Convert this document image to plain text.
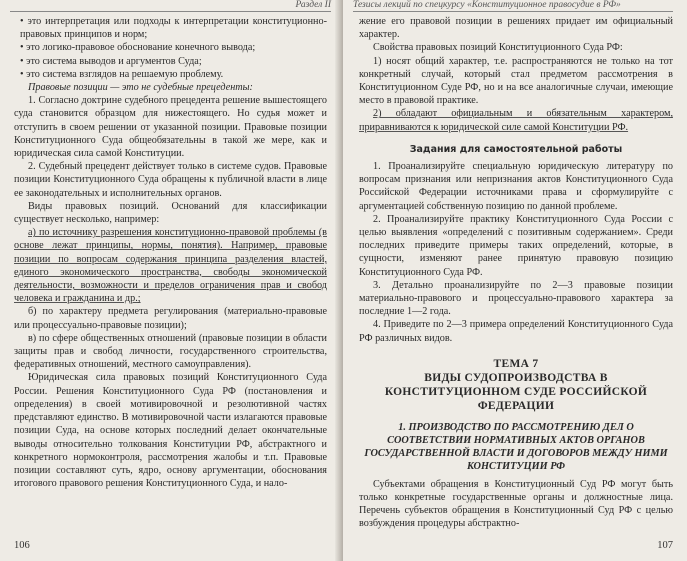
Раздел II

• это интерпретация или подходы к интерпретации конституционно-правовых принципов и норм;

• это логико-правовое обоснование конечного вывода;

• это система выводов и аргументов Суда;

• это система взглядов на решаемую проблему.

Правовые позиции — это не судебные прецеденты:

1. Согласно доктрине судебного прецедента решение вышестоящего суда становится образцом для нижестоящего. Но судья может и отступить в своем решении от указанной позиции. Правовые позиции Конституционного Суда общеобязательны в такой же мере, как и юридическая сила самой Конституции.

2. Судебный прецедент действует только в системе судов. Правовые позиции Конституционного Суда обращены к публичной власти в лице ее законодательных и исполнительных органов.

Виды правовых позиций. Оснований для классификации существует несколько, например:

а) по источнику разрешения конституционно-правовой проблемы (в основе лежат принципы, нормы, понятия). Например, правовые позиции по вопросам содержания принципа разделения властей, единого экономического пространства, свободы экономической деятельности, возможности и пределов ограничения прав и свобод человека и гражданина и др.;

б) по характеру предмета регулирования (материально-правовые или процессуально-правовые позиции);

в) по сфере общественных отношений (правовые позиции в области защиты прав и свобод личности, государственного строительства, федеративных отношений, местного самоуправления).

Юридическая сила правовых позиций Конституционного Суда России. Решения Конституционного Суда РФ (постановления и определения) в своей мотивировочной и резолютивной частях представляют единство. В мотивировочной части излагаются правовые позиции Суда, на основе которых последний делает окончательные выводы относительно толкования Конституции РФ, абстрактного и конкретного нормоконтроля, рассмотрения жалобы и т.п. Правовые позиции составляют суть, ядро, основу аргументации, обоснования итогового правового решения Конституционного Суда, и нало-

106
Тезисы лекций по спецкурсу «Конституционное правосудие в РФ»

жение его правовой позиции в решениях придает им официальный характер.

Свойства правовых позиций Конституционного Суда РФ:

1) носят общий характер, т.е. распространяются не только на тот конкретный случай, который стал предметом рассмотрения в Конституционном Суде РФ, но и на все аналогичные случаи, имеющие место в правовой практике.

2) обладают официальным и обязательным характером, приравниваются к юридической силе самой Конституции РФ.

Задания для самостоятельной работы

1. Проанализируйте специальную юридическую литературу по вопросам признания или непризнания актов Конституционного Суда Российской Федерации источниками права и сформулируйте с аргументацией собственную позицию по данной проблеме.

2. Проанализируйте практику Конституционного Суда России с целью выявления «определений с позитивным содержанием». Среди последних приведите примеры таких определений, которые, в сущности, изменяют ранее принятую правовую позицию Конституционного Суда РФ.

3. Детально проанализируйте по 2—3 правовые позиции материально-правового и процессуально-правового характера за последние 1—2 года.

4. Приведите по 2—3 примера определений Конституционного Суда РФ различных видов.

ТЕМА 7
ВИДЫ СУДОПРОИЗВОДСТВА В КОНСТИТУЦИОННОМ СУДЕ РОССИЙСКОЙ ФЕДЕРАЦИИ
1. ПРОИЗВОДСТВО ПО РАССМОТРЕНИЮ ДЕЛ О СООТВЕТСТВИИ НОРМАТИВНЫХ АКТОВ ОРГАНОВ ГОСУДАРСТВЕННОЙ ВЛАСТИ И ДОГОВОРОВ МЕЖДУ НИМИ КОНСТИТУЦИИ РФ

Субъектами обращения в Конституционный Суд РФ могут быть только конкретные государственные органы и должностные лица. Перечень субъектов обращения в Конституционный Суд РФ с целью возбуждения процедуры абстрактно-

107
